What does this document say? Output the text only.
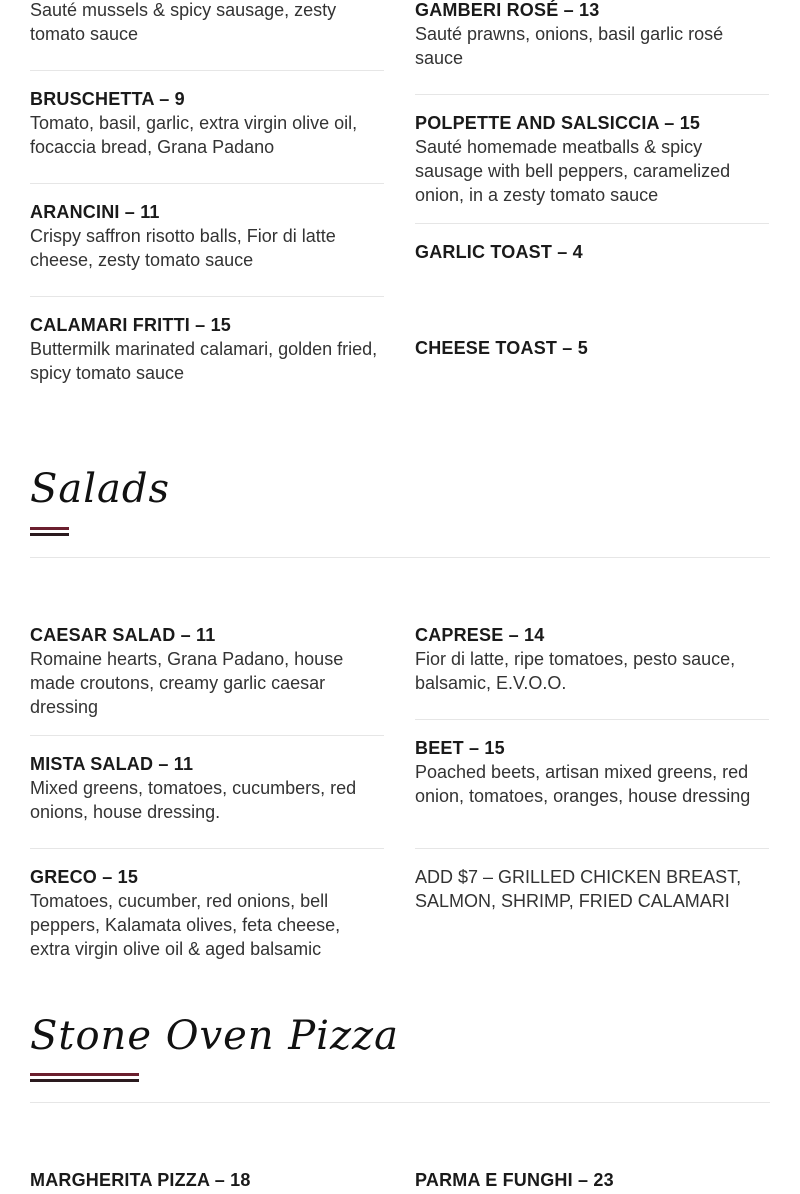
Sauté mussels & spicy sausage, zesty tomato sauce
BRUSCHETTA – 9
Tomato, basil, garlic, extra virgin olive oil, focaccia bread, Grana Padano
ARANCINI – 11
Crispy saffron risotto balls, Fior di latte cheese, zesty tomato sauce
CALAMARI FRITTI – 15
Buttermilk marinated calamari, golden fried, spicy tomato sauce
GAMBERI ROSÉ – 13
Sauté prawns, onions, basil garlic rosé sauce
POLPETTE AND SALSICCIA – 15
Sauté homemade meatballs & spicy sausage with bell peppers, caramelized onion, in a zesty tomato sauce
GARLIC TOAST – 4
CHEESE TOAST – 5
Salads
CAESAR SALAD – 11
Romaine hearts, Grana Padano, house made croutons, creamy garlic caesar dressing
MISTA SALAD – 11
Mixed greens, tomatoes, cucumbers, red onions, house dressing.
GRECO – 15
Tomatoes, cucumber, red onions, bell peppers, Kalamata olives, feta cheese, extra virgin olive oil & aged balsamic
CAPRESE – 14
Fior di latte, ripe tomatoes, pesto sauce, balsamic, E.V.O.O.
BEET – 15
Poached beets, artisan mixed greens, red onion, tomatoes, oranges, house dressing
ADD $7 – GRILLED CHICKEN BREAST, SALMON, SHRIMP, FRIED CALAMARI
Stone Oven Pizza
MARGHERITA PIZZA – 18	PARMA E FUNGHI – 23
